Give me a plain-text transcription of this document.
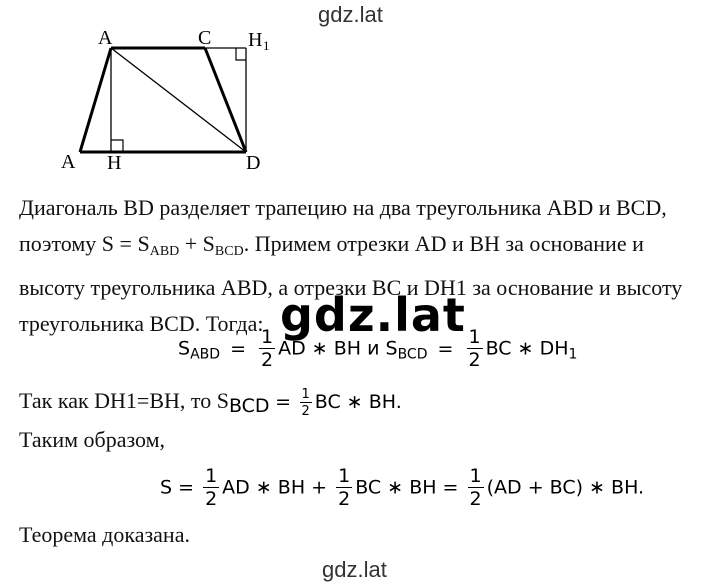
gdz.lat
A	C H 1
A H	D
Диагональ BD разделяет трапецию на два треугольника ABD и BCD,
поэтому $S = S_{ABD} + S_{BCD}$. Примем отрезки AD и BH за основание и
высоту треугольника ABD, а отрезки BC и DH1 за основание и высоту
треугольника BCD. Тогда: gdz.lat
$S_{ABD} = \frac{1}{2}$ AD ∗ BH и $S_{BCD} = \frac{1}{2}$ BC ∗ $DH_1$
Так как DH1=BH, то SBCD = $\frac{1}{2}$ BC ∗ BH.
Таким образом,
$S = \frac{1}{2}$ AD ∗ BH + $\frac{1}{2}$ BC ∗ BH = $\frac{1}{2} (AD + BC)$ ∗ BH.
Теорема доказана.
gdz.lat
